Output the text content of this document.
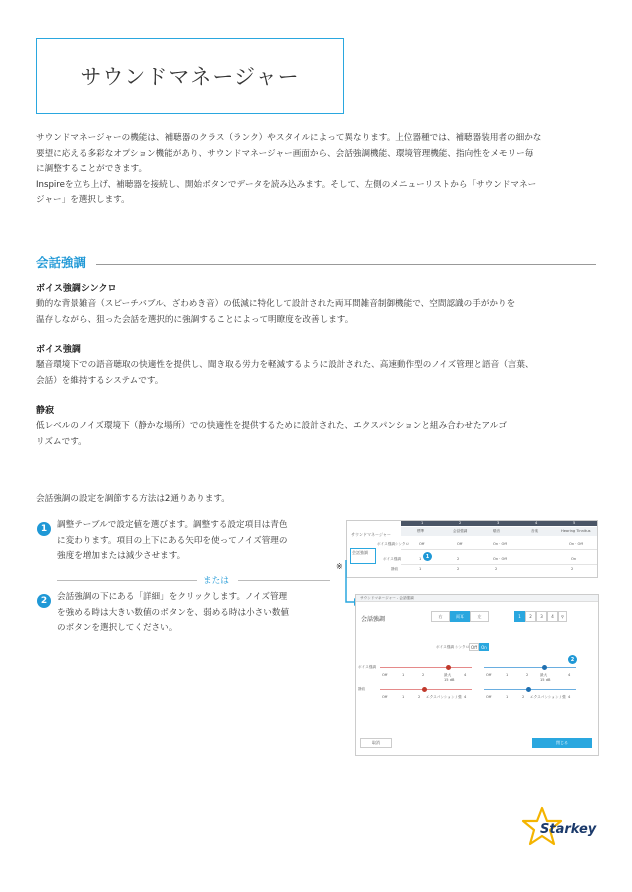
サウンドマネージャー

サウンドマネージャーの機能は、補聴器のクラス（ランク）やスタイルによって異なります。上位器種では、補聴器装用者の細かな

要望に応える多彩なオプション機能があり、サウンドマネージャー画面から、会話強調機能、環境管理機能、指向性をメモリー毎

に調整することができます。

Inspireを立ち上げ、補聴器を接続し、開始ボタンでデータを読み込みます。そして、左側のメニューリストから「サウンドマネー

ジャー」を選択します。

会話強調
ボイス強調シンクロ
動的な背景雑音（スピーチバブル、ざわめき音）の低減に特化して設計された両耳間雑音制御機能で、空間認識の手がかりを
温存しながら、狙った会話を選択的に強調することによって明瞭度を改善します。
ボイス強調
騒音環境下での語音聴取の快適性を提供し、聞き取る労力を軽減するように設計された、高速動作型のノイズ管理と語音（言葉、
会話）を維持するシステムです。
静寂
低レベルのノイズ環境下（静かな場所）での快適性を提供するために設計された、エクスパンションと組み合わせたアルゴ
リズムです。
会話強調の設定を調節する方法は2通りあります。
1	調整テーブルで設定値を選びます。調整する設定項目は青色
に変わります。項目の上下にある矢印を使ってノイズ管理の
強度を増加または減少させます。
または
2	会話強調の下にある「詳細」をクリックします。ノイズ管理
を強める時は大きい数値のボタンを、弱める時は小さい数値
のボタンを選択してください。
サウンドマネージャー
1	2	3	4	5
標準	会話強調	騒音	音楽	Hearing Tinnitus
ボイス強調シンクロ	Off	Off	On · Off	On · Off
会話強調
ボイス強調	1 1	2	On · Off	On
静寂	1	2	2	2
※
サウンドマネージャー - 会話強調
会話強調	右	両耳	左	1	2	3	4	⚲
ボイス強調 シンクロ Off	On
2
ボイス強調
Off	1	2	最大	4
15 dB
Off	1	2	最大	4
15 dB
静寂
Off	1	2 エクスパンション / 強 4	Off	1	2 エクスパンション / 強 4
取消	閉じる
Starkey
